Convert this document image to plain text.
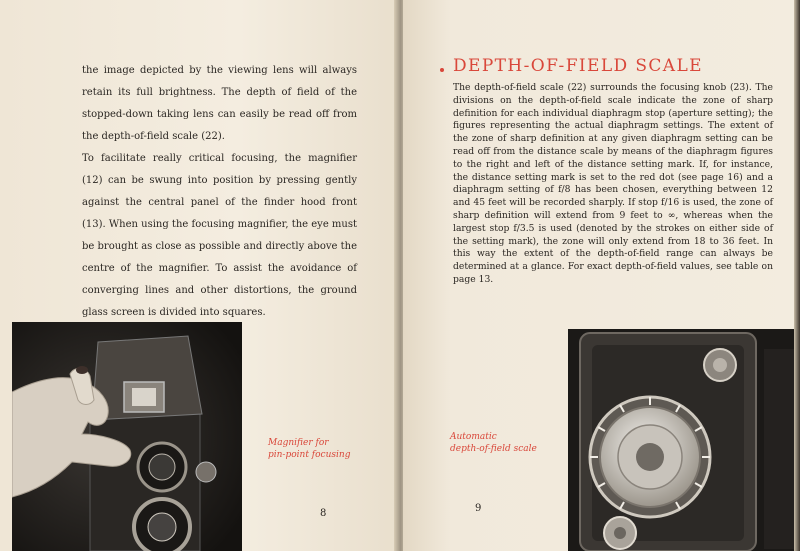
the image depicted by the viewing lens will always retain its full brightness. The depth of field of the stopped-down taking lens can easily be read off from the depth-of-field scale (22).

To facilitate really critical focusing, the magnifier (12) can be swung into position by pressing gently against the central panel of the finder hood front (13). When using the focusing magnifier, the eye must be brought as close as possible and directly above the centre of the magnifier. To assist the avoidance of converging lines and other distortions, the ground glass screen is divided into squares.

Magnifier for
pin-point focusing
8
DEPTH-OF-FIELD SCALE

The depth-of-field scale (22) surrounds the focusing knob (23). The divisions on the depth-of-field scale indicate the zone of sharp definition for each individual diaphragm stop (aperture setting); the figures representing the actual diaphragm settings. The extent of the zone of sharp definition at any given diaphragm setting can be read off from the distance scale by means of the diaphragm figures to the right and left of the distance setting mark. If, for instance, the distance setting mark is set to the red dot (see page 16) and a diaphragm setting of f/8 has been chosen, everything between 12 and 45 feet will be recorded sharply. If stop f/16 is used, the zone of sharp definition will extend from 9 feet to ∞, whereas when the largest stop f/3.5 is used (denoted by the strokes on either side of the setting mark), the zone will only extend from 18 to 36 feet. In this way the extent of the depth-of-field range can always be determined at a glance. For exact depth-of-field values, see table on page 13.

Automatic
depth-of-field scale
9
